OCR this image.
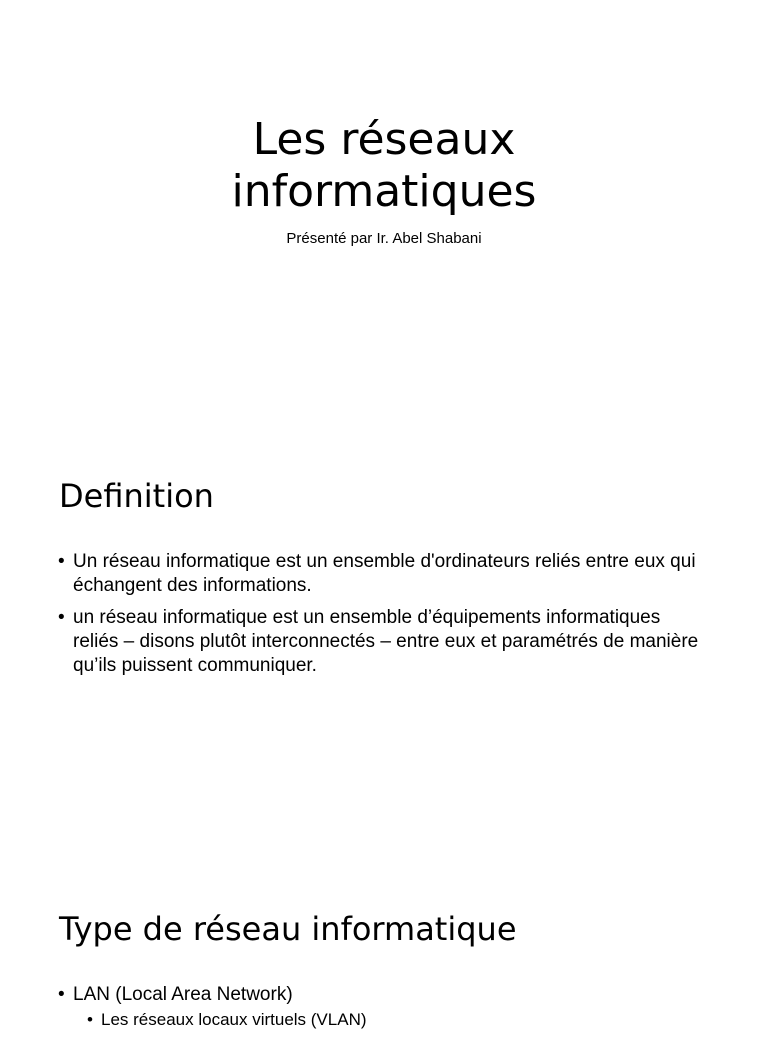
Les réseaux
informatiques

Présenté par Ir. Abel Shabani

Definition
• Un réseau informatique est un ensemble d'ordinateurs reliés entre eux qui échangent des informations.
• un réseau informatique est un ensemble d’équipements informatiques reliés – disons plutôt interconnectés – entre eux et paramétrés de manière qu’ils puissent communiquer.
Type de réseau informatique
• LAN (Local Area Network)
• Les réseaux locaux virtuels (VLAN)
